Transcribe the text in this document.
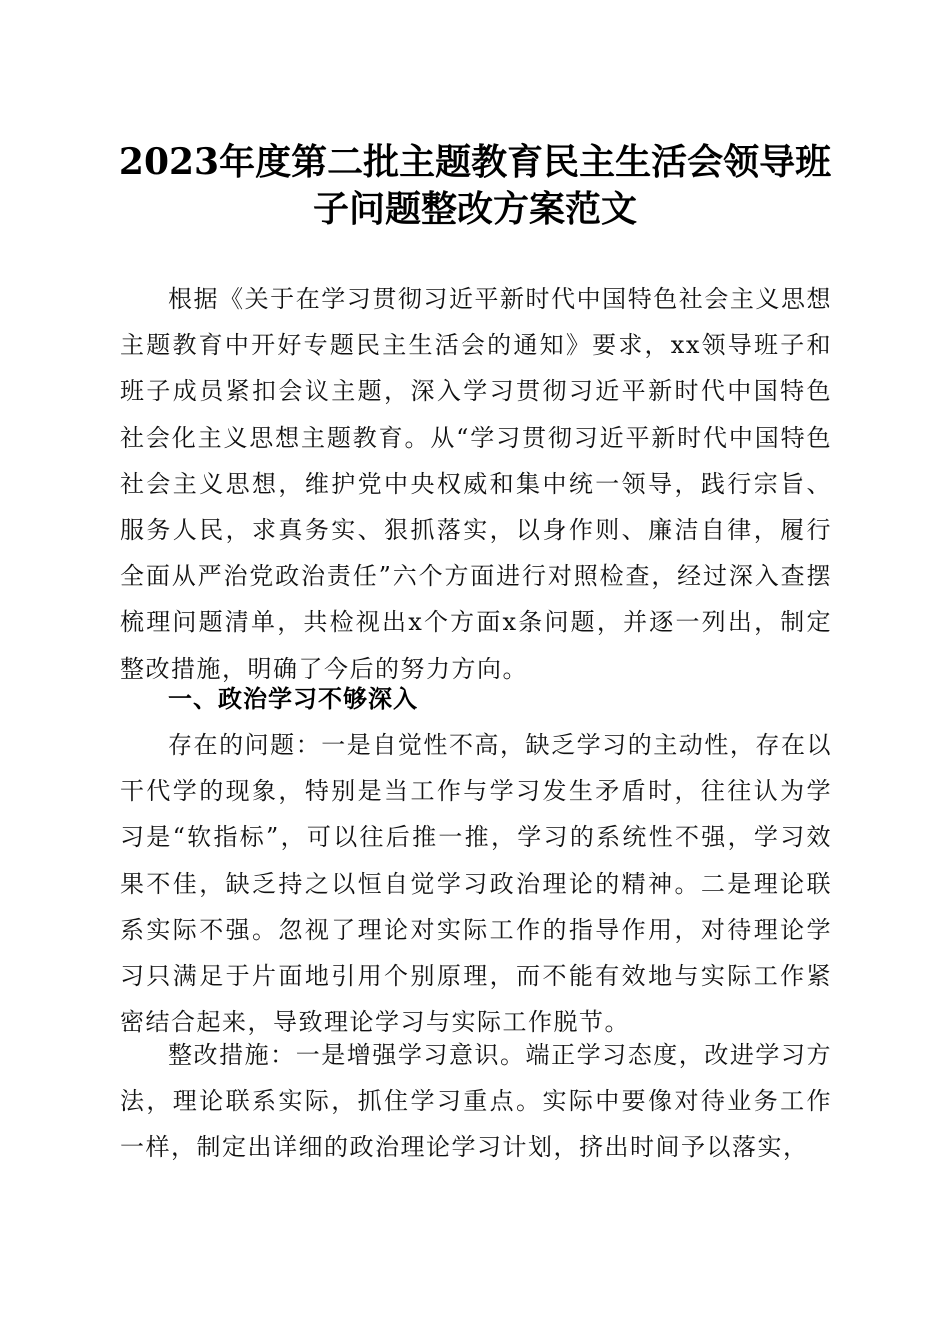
2023年度第二批主题教育民主生活会领导班
子问题整改方案范文

根据《关于在学习贯彻习近平新时代中国特色社会主义思想主题教育中开好专题民主生活会的通知》要求，xx领导班子和班子成员紧扣会议主题，深入学习贯彻习近平新时代中国特色社会化主义思想主题教育。从“学习贯彻习近平新时代中国特色社会主义思想，维护党中央权威和集中统一领导，践行宗旨、服务人民，求真务实、狠抓落实，以身作则、廉洁自律，履行全面从严治党政治责任”六个方面进行对照检查，经过深入查摆梳理问题清单，共检视出x个方面x条问题，并逐一列出，制定整改措施，明确了今后的努力方向。

一、政治学习不够深入

存在的问题：一是自觉性不高，缺乏学习的主动性，存在以干代学的现象，特别是当工作与学习发生矛盾时，往往认为学习是“软指标”，可以往后推一推，学习的系统性不强，学习效果不佳，缺乏持之以恒自觉学习政治理论的精神。二是理论联系实际不强。忽视了理论对实际工作的指导作用，对待理论学习只满足于片面地引用个别原理，而不能有效地与实际工作紧密结合起来，导致理论学习与实际工作脱节。

整改措施：一是增强学习意识。端正学习态度，改进学习方法，理论联系实际，抓住学习重点。实际中要像对待业务工作一样，制定出详细的政治理论学习计划，挤出时间予以落实，
